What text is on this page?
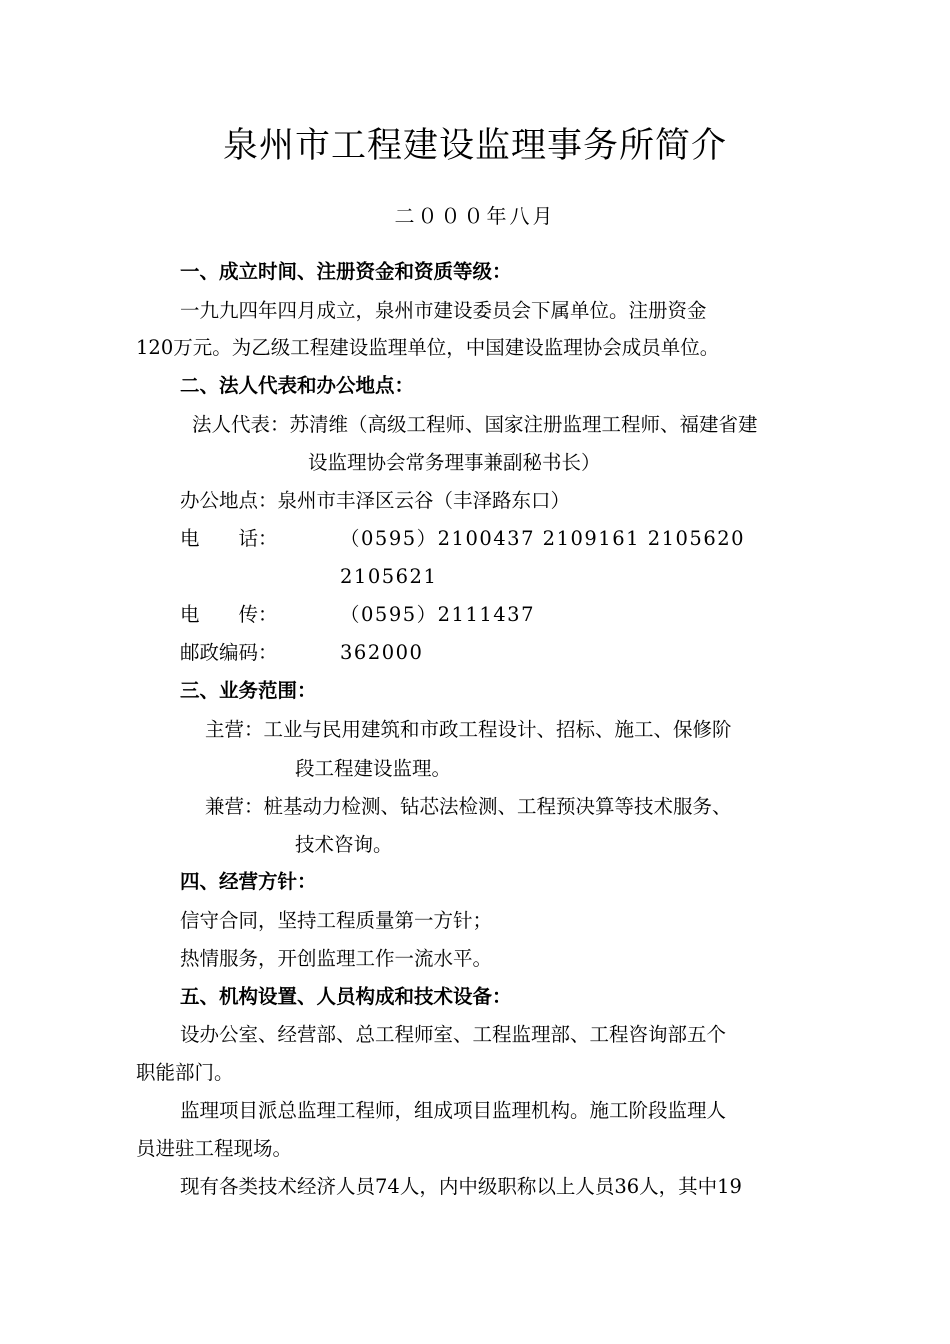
泉州市工程建设监理事务所简介
二０００年八月
一、成立时间、注册资金和资质等级：
一九九四年四月成立，泉州市建设委员会下属单位。注册资金
120万元。为乙级工程建设监理单位，中国建设监理协会成员单位。
二、法人代表和办公地点：
法人代表：苏清维（高级工程师、国家注册监理工程师、福建省建
设监理协会常务理事兼副秘书长）
办公地点：泉州市丰泽区云谷（丰泽路东口）
电　　话：	（0595）2100437 2109161 2105620
2105621
电　　传：	（0595）2111437
邮政编码：	362000
三、业务范围：
主营：工业与民用建筑和市政工程设计、招标、施工、保修阶
段工程建设监理。
兼营：桩基动力检测、钻芯法检测、工程预决算等技术服务、
技术咨询。
四、经营方针：
信守合同，坚持工程质量第一方针；
热情服务，开创监理工作一流水平。
五、机构设置、人员构成和技术设备：
设办公室、经营部、总工程师室、工程监理部、工程咨询部五个
职能部门。
监理项目派总监理工程师，组成项目监理机构。施工阶段监理人
员进驻工程现场。
现有各类技术经济人员74人，内中级职称以上人员36人，其中19
